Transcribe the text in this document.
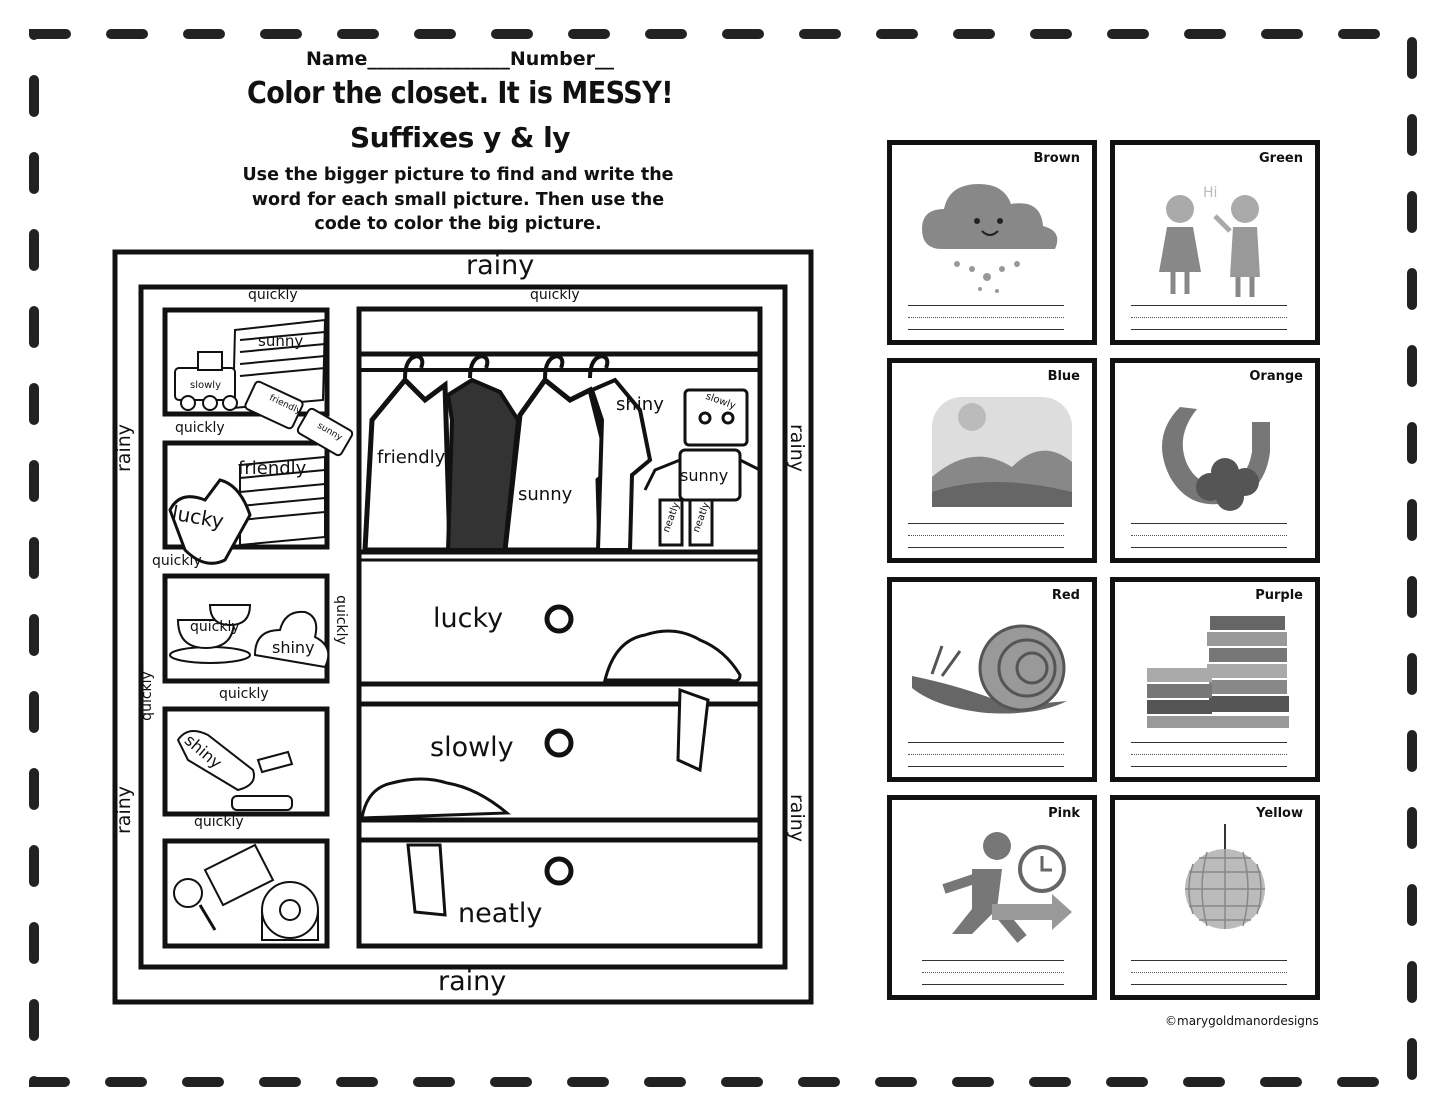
Name_______________Number__
Color the closet. It is MESSY!
Suffixes y & ly
Use the bigger picture to find and write the word for each small picture. Then use the code to color the big picture.
rainy
rainy
rainy
rainy
rainy
rainy
quickly	quickly
quickly
quickly
quickly
quickly
quickly
quickly
sunny
slowly
friendly
sunny
friendly
lucky
quickly
shiny
shiny
friendly
sunny
shiny	slowly
sunny
neatly neatly
lucky
slowly
neatly
Brown	Green
Hi
Blue	Orange
Red	Purple
Pink	Yellow
©marygoldmanordesigns
